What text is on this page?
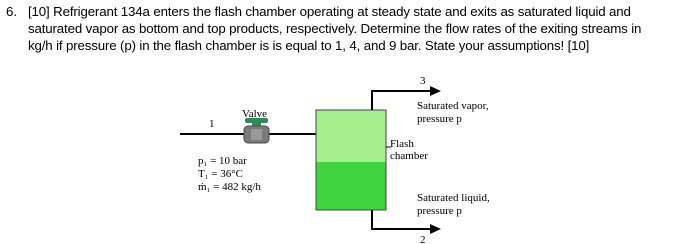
6. [10] Refrigerant 134a enters the flash chamber operating at steady state and exits as saturated liquid and saturated vapor as bottom and top products, respectively. Determine the flow rates of the exiting streams in kg/h if pressure (p) in the flash chamber is is equal to 1, 4, and 9 bar. State your assumptions! [10]
1
Valve
p₁ = 10 bar
T₁ = 36°C
ṁ₁ = 482 kg/h
Flash
chamber
3
Saturated vapor,
pressure p
2
Saturated liquid,
pressure p
